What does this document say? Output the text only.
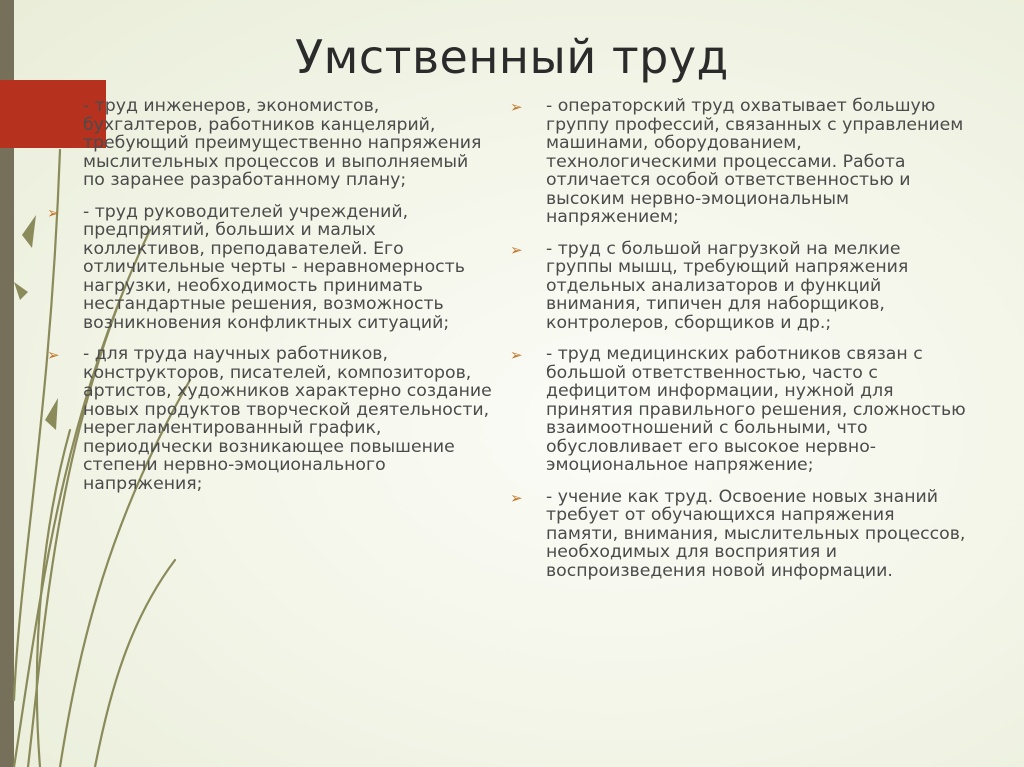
Умственный труд
- труд инженеров, экономистов, бухгалтеров, работников канцелярий, требующий преимущественно напряжения мыслительных процессов и выполняемый по заранее разработанному плану;
➢ - труд руководителей учреждений, предприятий, больших и малых коллективов, преподавателей. Его отличительные черты - неравномерность нагрузки, необходимость принимать нестандартные решения, возможность возникновения конфликтных ситуаций;
➢ - для труда научных работников, конструкторов, писателей, композиторов, артистов, художников характерно создание новых продуктов творческой деятельности, нерегламентированный график, периодически возникающее повышение степени нервно-эмоционального напряжения;
➢ - операторский труд охватывает большую группу профессий, связанных с управлением машинами, оборудованием, технологическими процессами. Работа отличается особой ответственностью и высоким нервно-эмоциональным напряжением;
➢ - труд с большой нагрузкой на мелкие группы мышц, требующий напряжения отдельных анализаторов и функций внимания, типичен для наборщиков, контролеров, сборщиков и др.;
➢ - труд медицинских работников связан с большой ответственностью, часто с дефицитом информации, нужной для принятия правильного решения, сложностью взаимоотношений с больными, что обусловливает его высокое нервно-эмоциональное напряжение;
➢ - учение как труд. Освоение новых знаний требует от обучающихся напряжения памяти, внимания, мыслительных процессов, необходимых для восприятия и воспроизведения новой информации.
